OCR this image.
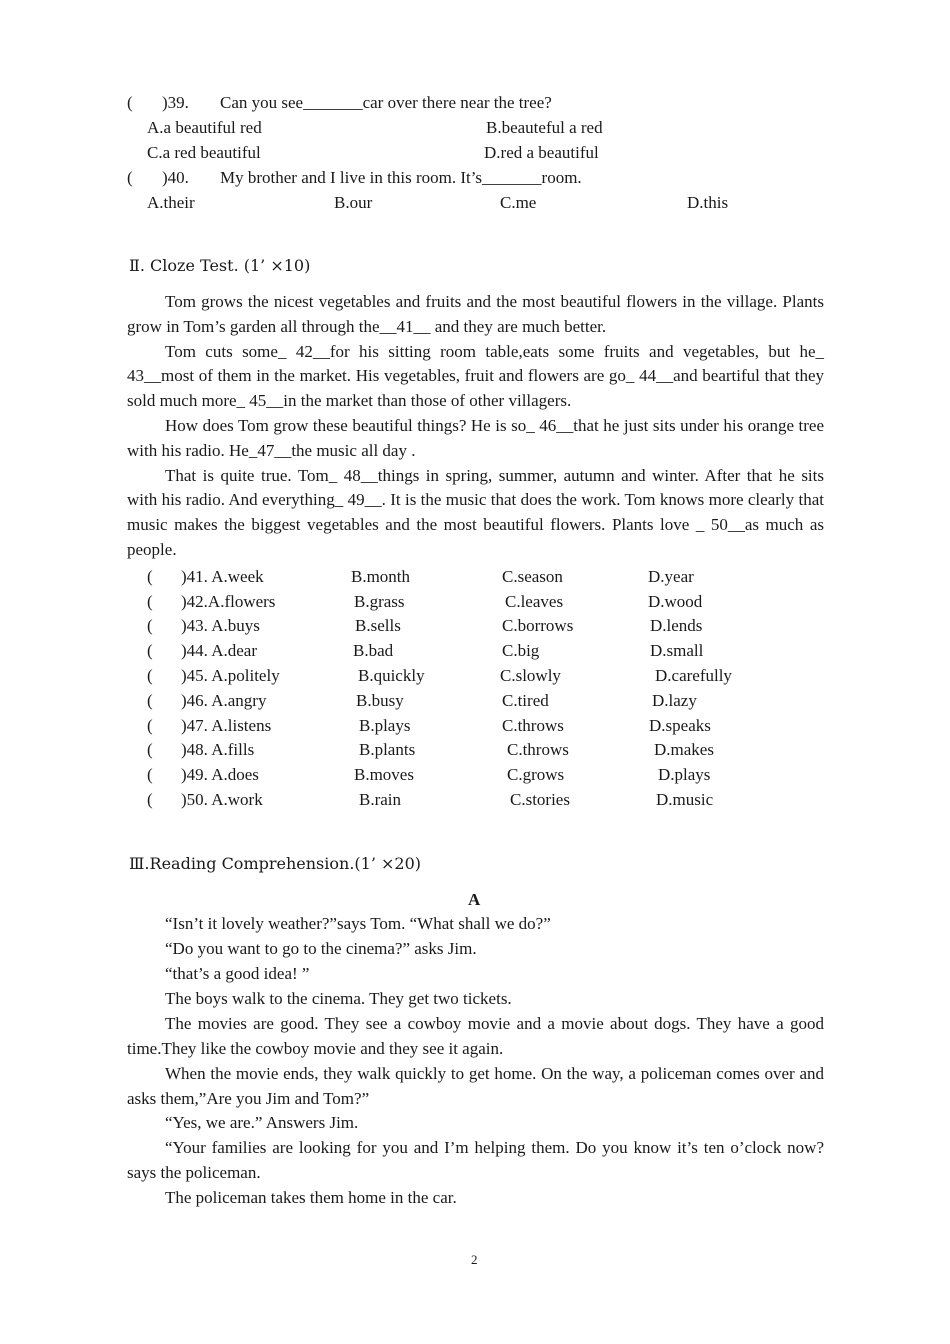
( )39. Can you see_______car over there near the tree?
A.a beautiful red	B.beauteful a red
C.a red beautiful	D.red a beautiful
( )40. My brother and I live in this room. It’s_______room.
A.their	B.our	C.me	D.this
Ⅱ. Cloze Test. (1’ ×10)

Tom grows the nicest vegetables and fruits and the most beautiful flowers in the village. Plants grow in Tom’s garden all through the__41__ and they are much better.

Tom cuts some_ 42__for his sitting room table,eats some fruits and vegetables, but he_ 43__most of them in the market. His vegetables, fruit and flowers are go_ 44__and beartiful that they sold much more_ 45__in the market than those of other villagers.

How does Tom grow these beautiful things? He is so_ 46__that he just sits under his orange tree with his radio. He_47__the music all day .

That is quite true. Tom_ 48__things in spring, summer, autumn and winter. After that he sits with his radio. And everything_ 49__. It is the music that does the work. Tom knows more clearly that music makes the biggest vegetables and the most beautiful flowers. Plants love _ 50__as much as people.

( )41. A.week	B.month	C.season	D.year
( )42.A.flowers	B.grass	C.leaves	D.wood
( )43. A.buys	B.sells	C.borrows	D.lends
( )44. A.dear	B.bad	C.big	D.small
( )45. A.politely	B.quickly	C.slowly	D.carefully
( )46. A.angry	B.busy	C.tired	D.lazy
( )47. A.listens	B.plays	C.throws	D.speaks
( )48. A.fills	B.plants	C.throws	D.makes
( )49. A.does	B.moves	C.grows	D.plays
( )50. A.work	B.rain	C.stories	D.music
Ⅲ.Reading Comprehension.(1’ ×20)
A
“Isn’t it lovely weather?”says Tom. “What shall we do?”
“Do you want to go to the cinema?” asks Jim.
“that’s a good idea! ”
The boys walk to the cinema. They get two tickets.

The movies are good. They see a cowboy movie and a movie about dogs. They have a good time.They like the cowboy movie and they see it again.

When the movie ends, they walk quickly to get home. On the way, a policeman comes over and asks them,”Are you Jim and Tom?”

“Yes, we are.” Answers Jim.

“Your families are looking for you and I’m helping them. Do you know it’s ten o’clock now? says the policeman.

The policeman takes them home in the car.
2
